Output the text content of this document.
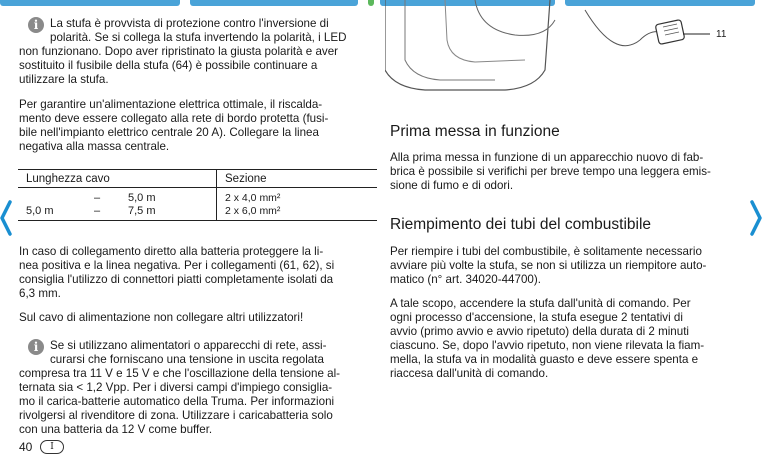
i	La stufa è provvista di protezione contro l'inversione di
polarità. Se si collega la stufa invertendo la polarità, i LED
non funzionano. Dopo aver ripristinato la giusta polarità e aver
sostituito il fusibile della stufa (64) è possibile continuare a
utilizzare la stufa.
Per garantire un'alimentazione elettrica ottimale, il riscalda-
mento deve essere collegato alla rete di bordo protetta (fusi-
bile nell'impianto elettrico centrale 20 A). Collegare la linea
negativa alla massa centrale.
Lunghezza cavo			Sezione
	–	5,0 m	2 x 4,0 mm²
5,0 m	–	7,5 m	2 x 6,0 mm²
In caso di collegamento diretto alla batteria proteggere la li-
nea positiva e la linea negativa. Per i collegamenti (61, 62), si
consiglia l'utilizzo di connettori piatti completamente isolati da
6,3 mm.
Sul cavo di alimentazione non collegare altri utilizzatori!
i	Se si utilizzano alimentatori o apparecchi di rete, assi-
curarsi che forniscano una tensione in uscita regolata
compresa tra 11 V e 15 V e che l'oscillazione della tensione al-
ternata sia < 1,2 Vpp. Per i diversi campi d'impiego consiglia-
mo il carica-batterie automatico della Truma. Per informazioni
rivolgersi al rivenditore di zona. Utilizzare i caricabatteria solo
con una batteria da 12 V come buffer.
40	I
11
Prima messa in funzione
Alla prima messa in funzione di un apparecchio nuovo di fab-
brica è possibile si verifichi per breve tempo una leggera emis-
sione di fumo e di odori.
Riempimento dei tubi del combustibile
Per riempire i tubi del combustibile, è solitamente necessario
avviare più volte la stufa, se non si utilizza un riempitore auto-
matico (n° art. 34020-44700).
A tale scopo, accendere la stufa dall'unità di comando. Per
ogni processo d'accensione, la stufa esegue 2 tentativi di
avvio (primo avvio e avvio ripetuto) della durata di 2 minuti
ciascuno. Se, dopo l'avvio ripetuto, non viene rilevata la fiam-
mella, la stufa va in modalità guasto e deve essere spenta e
riaccesa dall'unità di comando.
